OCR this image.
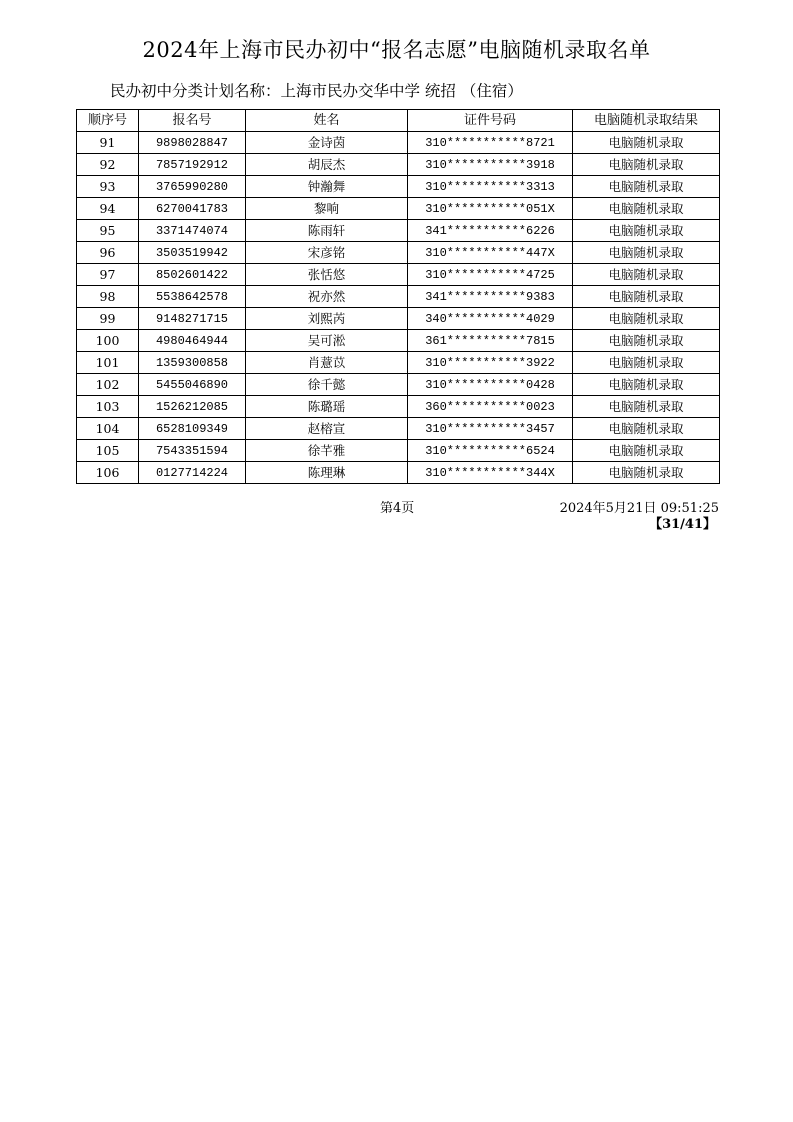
2024年上海市民办初中“报名志愿”电脑随机录取名单
民办初中分类计划名称：上海市民办交华中学 统招 （住宿）
顺序号	报名号	姓名	证件号码	电脑随机录取结果
91	9898028847	金诗茵	310***********8721	电脑随机录取
92	7857192912	胡辰杰	310***********3918	电脑随机录取
93	3765990280	钟瀚舞	310***********3313	电脑随机录取
94	6270041783	黎响	310***********051X	电脑随机录取
95	3371474074	陈雨轩	341***********6226	电脑随机录取
96	3503519942	宋彦铭	310***********447X	电脑随机录取
97	8502601422	张恬悠	310***********4725	电脑随机录取
98	5538642578	祝亦然	341***********9383	电脑随机录取
99	9148271715	刘熙芮	340***********4029	电脑随机录取
100	4980464944	吴可淞	361***********7815	电脑随机录取
101	1359300858	肖薏苡	310***********3922	电脑随机录取
102	5455046890	徐千懿	310***********0428	电脑随机录取
103	1526212085	陈璐瑶	360***********0023	电脑随机录取
104	6528109349	赵榕宣	310***********3457	电脑随机录取
105	7543351594	徐芊雅	310***********6524	电脑随机录取
106	0127714224	陈理琳	310***********344X	电脑随机录取
第4页	2024年5月21日 09:51:25
【31/41】
